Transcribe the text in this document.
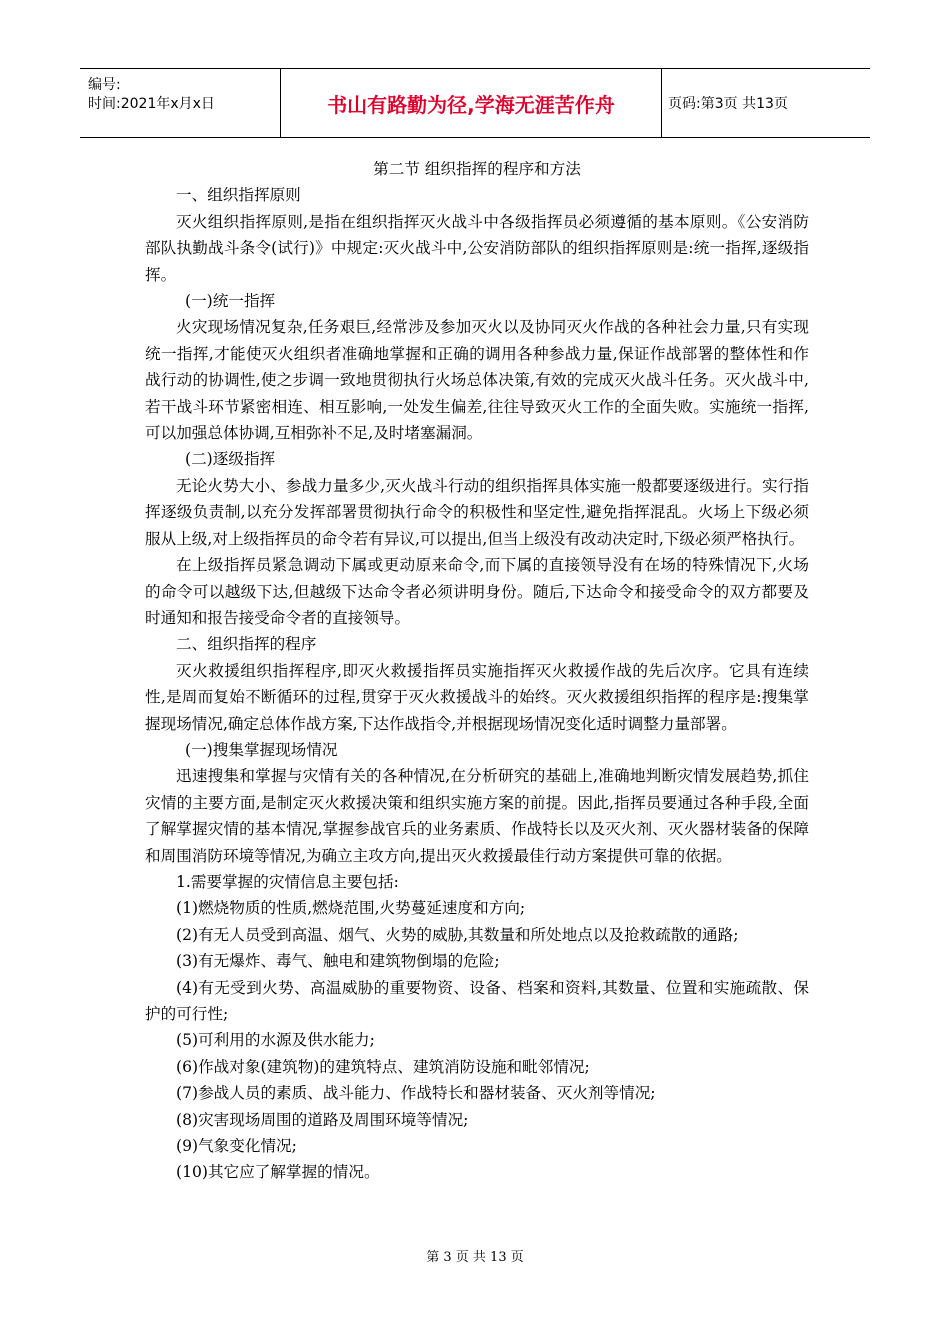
编号:
时间:2021年x月x日	书山有路勤为径,学海无涯苦作舟	页码:第3页 共13页

第二节 组织指挥的程序和方法

一、组织指挥原则

灭火组织指挥原则,是指在组织指挥灭火战斗中各级指挥员必须遵循的基本原则。《公安消防部队执勤战斗条令(试行)》中规定:灭火战斗中,公安消防部队的组织指挥原则是:统一指挥,逐级指挥。

(一)统一指挥

火灾现场情况复杂,任务艰巨,经常涉及参加灭火以及协同灭火作战的各种社会力量,只有实现统一指挥,才能使灭火组织者准确地掌握和正确的调用各种参战力量,保证作战部署的整体性和作战行动的协调性,使之步调一致地贯彻执行火场总体决策,有效的完成灭火战斗任务。灭火战斗中,若干战斗环节紧密相连、相互影响,一处发生偏差,往往导致灭火工作的全面失败。实施统一指挥,可以加强总体协调,互相弥补不足,及时堵塞漏洞。

(二)逐级指挥

无论火势大小、参战力量多少,灭火战斗行动的组织指挥具体实施一般都要逐级进行。实行指挥逐级负责制,以充分发挥部署贯彻执行命令的积极性和坚定性,避免指挥混乱。火场上下级必须服从上级,对上级指挥员的命令若有异议,可以提出,但当上级没有改动决定时,下级必须严格执行。

在上级指挥员紧急调动下属或更动原来命令,而下属的直接领导没有在场的特殊情况下,火场的命令可以越级下达,但越级下达命令者必须讲明身份。随后,下达命令和接受命令的双方都要及时通知和报告接受命令者的直接领导。

二、组织指挥的程序

灭火救援组织指挥程序,即灭火救援指挥员实施指挥灭火救援作战的先后次序。它具有连续性,是周而复始不断循环的过程,贯穿于灭火救援战斗的始终。灭火救援组织指挥的程序是:搜集掌握现场情况,确定总体作战方案,下达作战指令,并根据现场情况变化适时调整力量部署。

(一)搜集掌握现场情况

迅速搜集和掌握与灾情有关的各种情况,在分析研究的基础上,准确地判断灾情发展趋势,抓住灾情的主要方面,是制定灭火救援决策和组织实施方案的前提。因此,指挥员要通过各种手段,全面了解掌握灾情的基本情况,掌握参战官兵的业务素质、作战特长以及灭火剂、灭火器材装备的保障和周围消防环境等情况,为确立主攻方向,提出灭火救援最佳行动方案提供可靠的依据。

1.需要掌握的灾情信息主要包括:

(1)燃烧物质的性质,燃烧范围,火势蔓延速度和方向;

(2)有无人员受到高温、烟气、火势的威胁,其数量和所处地点以及抢救疏散的通路;

(3)有无爆炸、毒气、触电和建筑物倒塌的危险;

(4)有无受到火势、高温威胁的重要物资、设备、档案和资料,其数量、位置和实施疏散、保护的可行性;

(5)可利用的水源及供水能力;

(6)作战对象(建筑物)的建筑特点、建筑消防设施和毗邻情况;

(7)参战人员的素质、战斗能力、作战特长和器材装备、灭火剂等情况;

(8)灾害现场周围的道路及周围环境等情况;

(9)气象变化情况;

(10)其它应了解掌握的情况。

第 3 页 共 13 页
